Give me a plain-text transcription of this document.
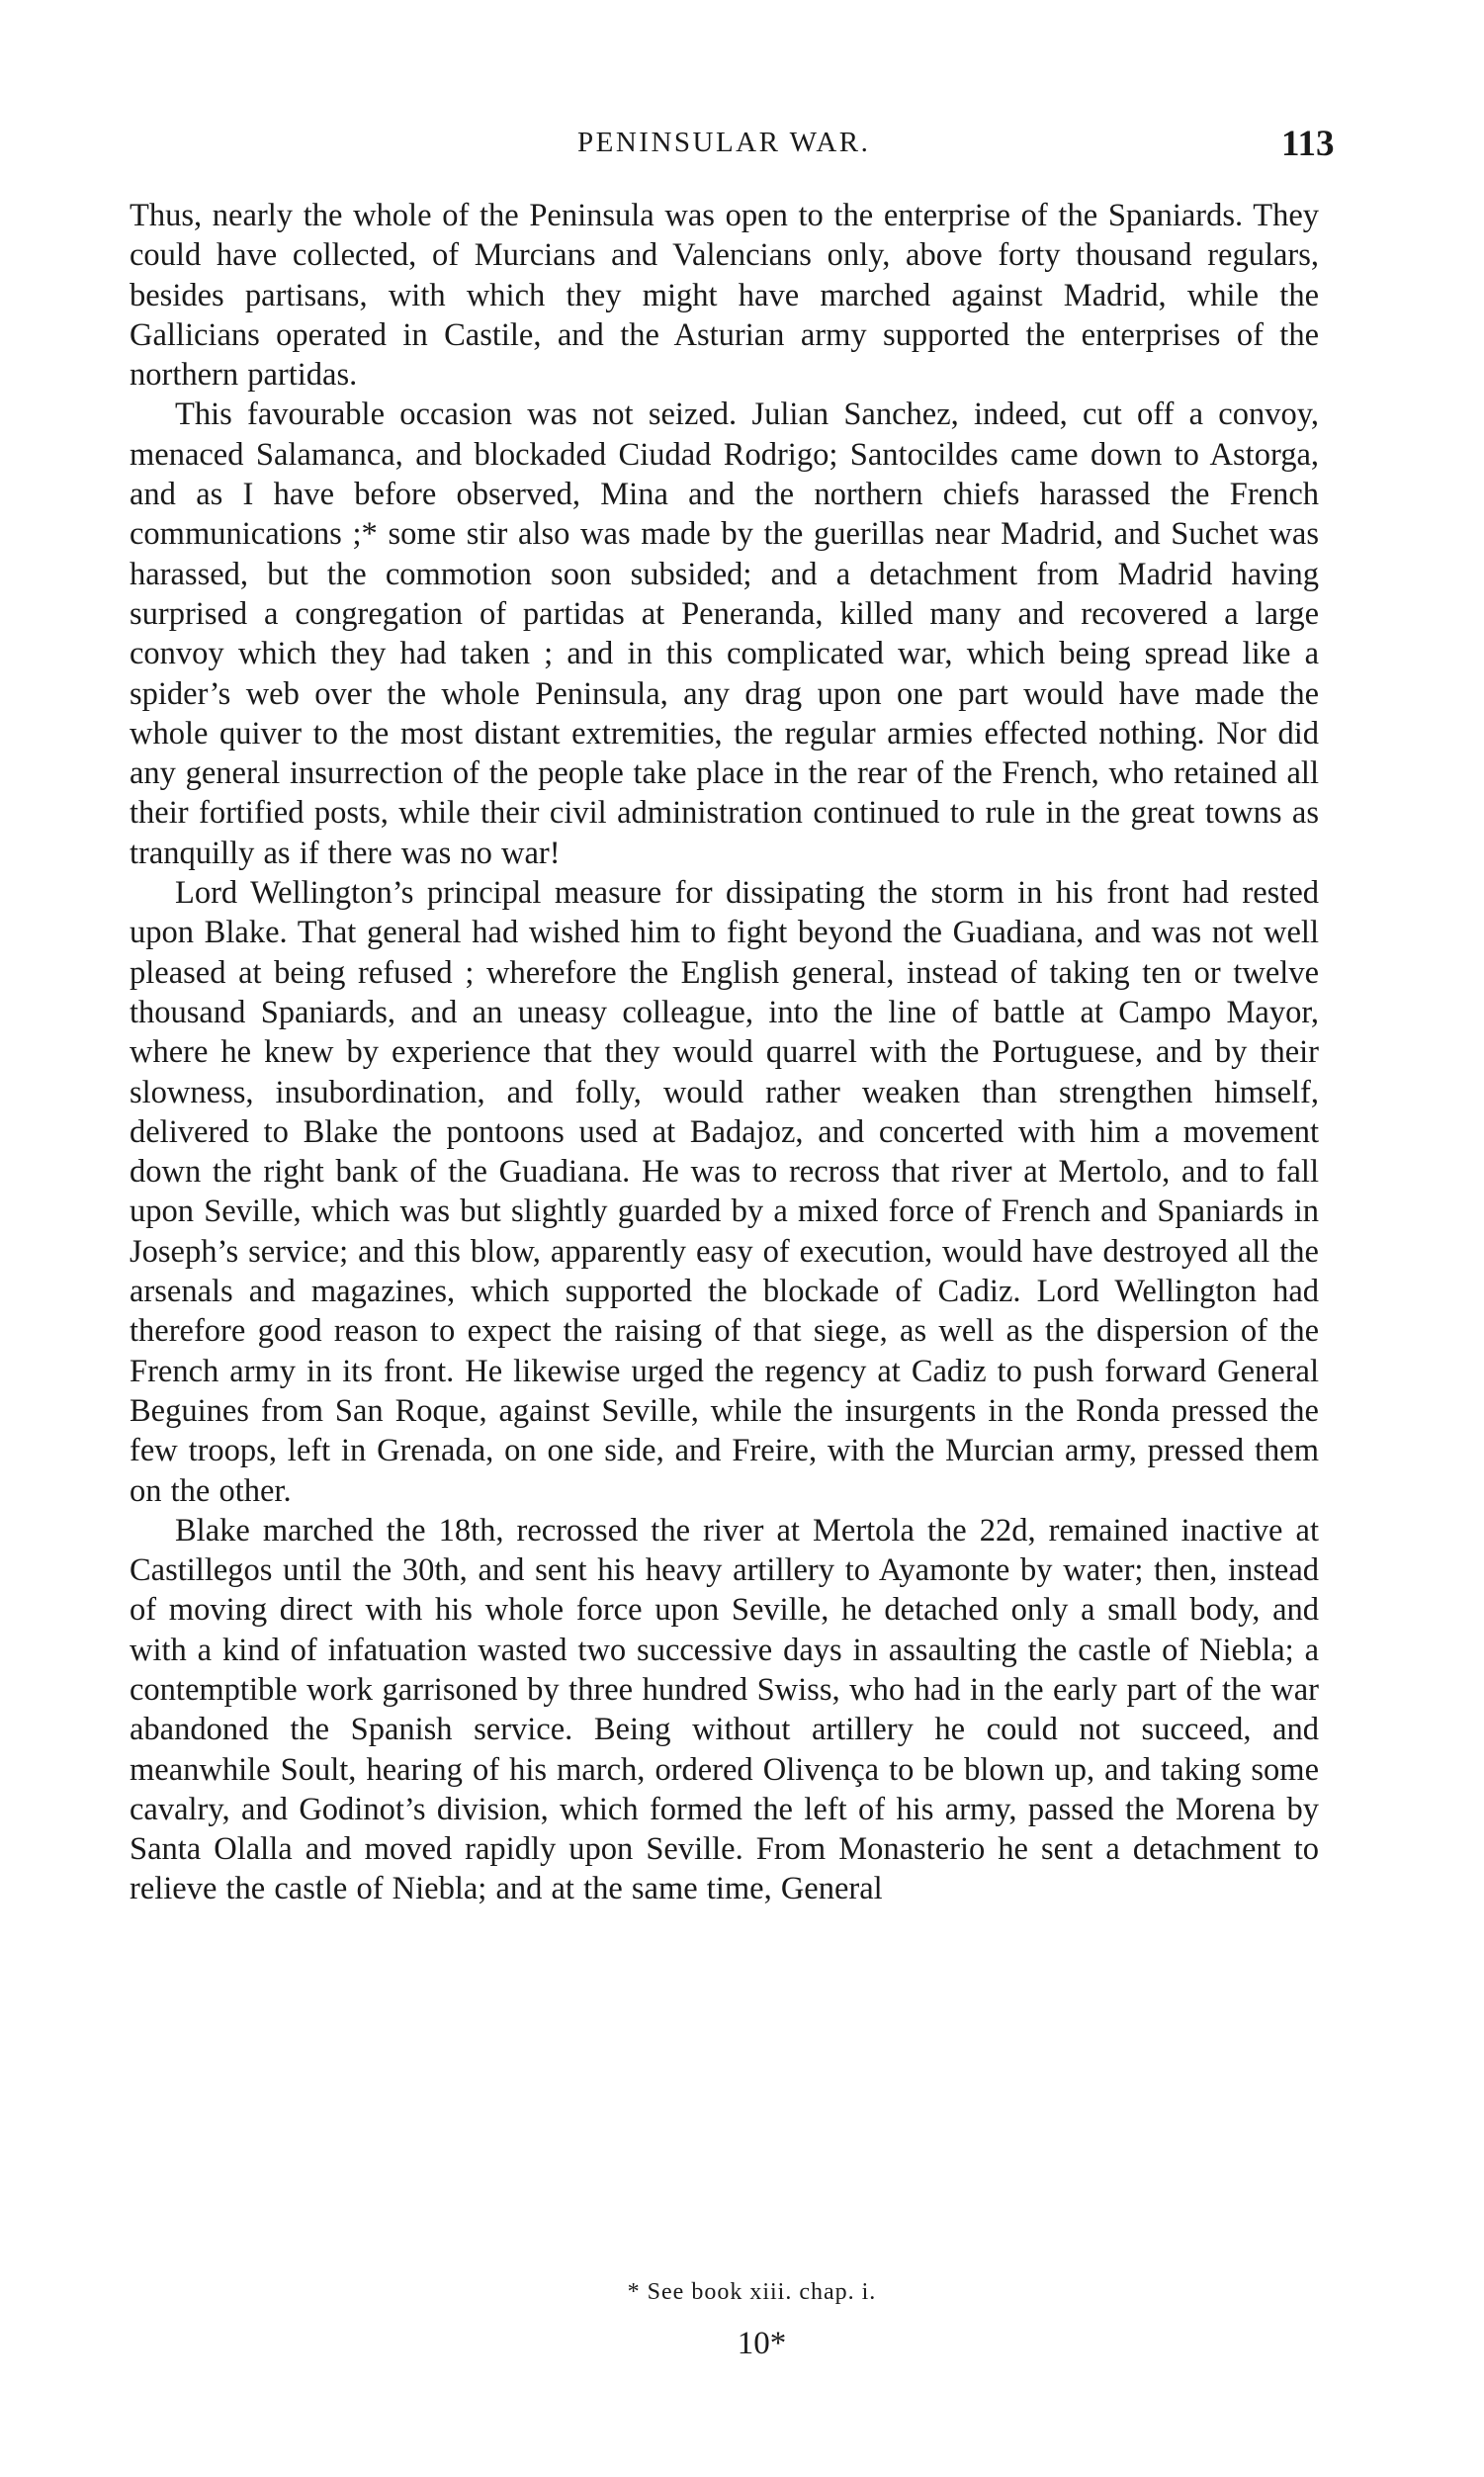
PENINSULAR WAR.	113

Thus, nearly the whole of the Peninsula was open to the enterprise of the Spaniards. They could have collected, of Murcians and Valencians only, above forty thousand regulars, besides partisans, with which they might have marched against Madrid, while the Gallicians operated in Castile, and the Asturian army supported the enterprises of the northern partidas.

This favourable occasion was not seized. Julian Sanchez, indeed, cut off a convoy, menaced Salamanca, and blockaded Ciudad Rodrigo; Santocildes came down to Astorga, and as I have before observed, Mina and the northern chiefs harassed the French communications ;* some stir also was made by the guerillas near Madrid, and Suchet was harassed, but the commotion soon subsided; and a detachment from Madrid having surprised a congregation of partidas at Peneranda, killed many and recovered a large convoy which they had taken ; and in this complicated war, which being spread like a spider’s web over the whole Peninsula, any drag upon one part would have made the whole quiver to the most distant extremities, the regular armies effected nothing. Nor did any general insurrection of the people take place in the rear of the French, who retained all their fortified posts, while their civil administration continued to rule in the great towns as tranquilly as if there was no war!

Lord Wellington’s principal measure for dissipating the storm in his front had rested upon Blake. That general had wished him to fight beyond the Guadiana, and was not well pleased at being refused ; wherefore the English general, instead of taking ten or twelve thousand Spaniards, and an uneasy colleague, into the line of battle at Campo Mayor, where he knew by experience that they would quarrel with the Portuguese, and by their slowness, insubordination, and folly, would rather weaken than strengthen himself, delivered to Blake the pontoons used at Badajoz, and concerted with him a movement down the right bank of the Guadiana. He was to recross that river at Mertolo, and to fall upon Seville, which was but slightly guarded by a mixed force of French and Spaniards in Joseph’s service; and this blow, apparently easy of execution, would have destroyed all the arsenals and magazines, which supported the blockade of Cadiz. Lord Wellington had therefore good reason to expect the raising of that siege, as well as the dispersion of the French army in its front. He likewise urged the regency at Cadiz to push forward General Beguines from San Roque, against Seville, while the insurgents in the Ronda pressed the few troops, left in Grenada, on one side, and Freire, with the Murcian army, pressed them on the other.

Blake marched the 18th, recrossed the river at Mertola the 22d, remained inactive at Castillegos until the 30th, and sent his heavy artillery to Ayamonte by water; then, instead of moving direct with his whole force upon Seville, he detached only a small body, and with a kind of infatuation wasted two successive days in assaulting the castle of Niebla; a contemptible work garrisoned by three hundred Swiss, who had in the early part of the war abandoned the Spanish service. Being without artillery he could not succeed, and meanwhile Soult, hearing of his march, ordered Olivença to be blown up, and taking some cavalry, and Godinot’s division, which formed the left of his army, passed the Morena by Santa Olalla and moved rapidly upon Seville. From Monasterio he sent a detachment to relieve the castle of Niebla; and at the same time, General

* See book xiii. chap. i.
10*
